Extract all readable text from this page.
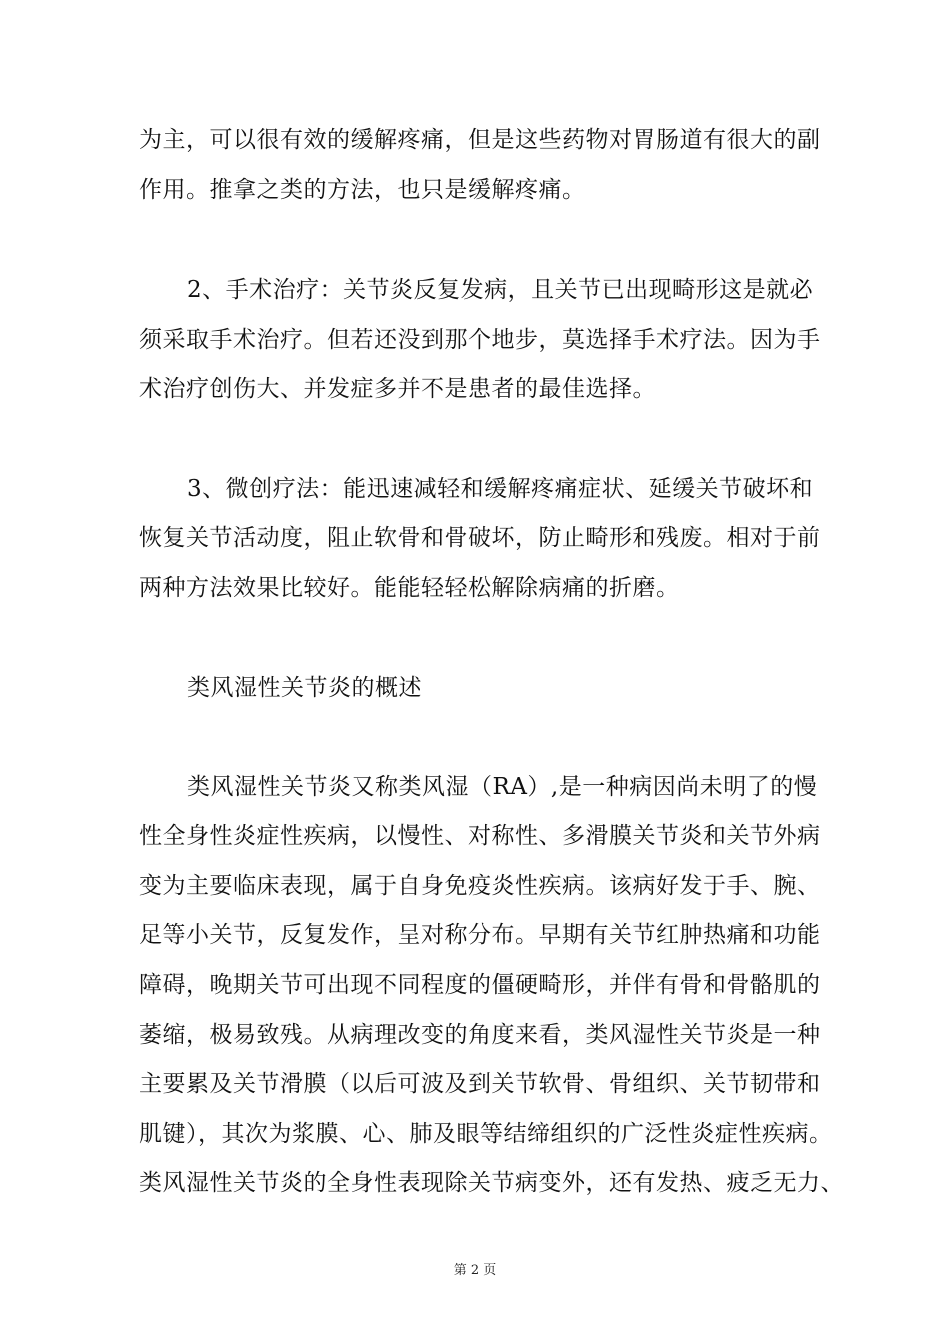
为主，可以很有效的缓解疼痛，但是这些药物对胃肠道有很大的副
作用。推拿之类的方法，也只是缓解疼痛。
2、手术治疗：关节炎反复发病，且关节已出现畸形这是就必
须采取手术治疗。但若还没到那个地步，莫选择手术疗法。因为手
术治疗创伤大、并发症多并不是患者的最佳选择。
3、微创疗法：能迅速减轻和缓解疼痛症状、延缓关节破坏和
恢复关节活动度，阻止软骨和骨破坏，防止畸形和残废。相对于前
两种方法效果比较好。能能轻轻松解除病痛的折磨。
类风湿性关节炎的概述
类风湿性关节炎又称类风湿（RA）,是一种病因尚未明了的慢
性全身性炎症性疾病，以慢性、对称性、多滑膜关节炎和关节外病
变为主要临床表现，属于自身免疫炎性疾病。该病好发于手、腕、
足等小关节，反复发作，呈对称分布。早期有关节红肿热痛和功能
障碍，晚期关节可出现不同程度的僵硬畸形，并伴有骨和骨骼肌的
萎缩，极易致残。从病理改变的角度来看，类风湿性关节炎是一种
主要累及关节滑膜（以后可波及到关节软骨、骨组织、关节韧带和
肌键），其次为浆膜、心、肺及眼等结缔组织的广泛性炎症性疾病。
类风湿性关节炎的全身性表现除关节病变外，还有发热、疲乏无力、
第 2 页
